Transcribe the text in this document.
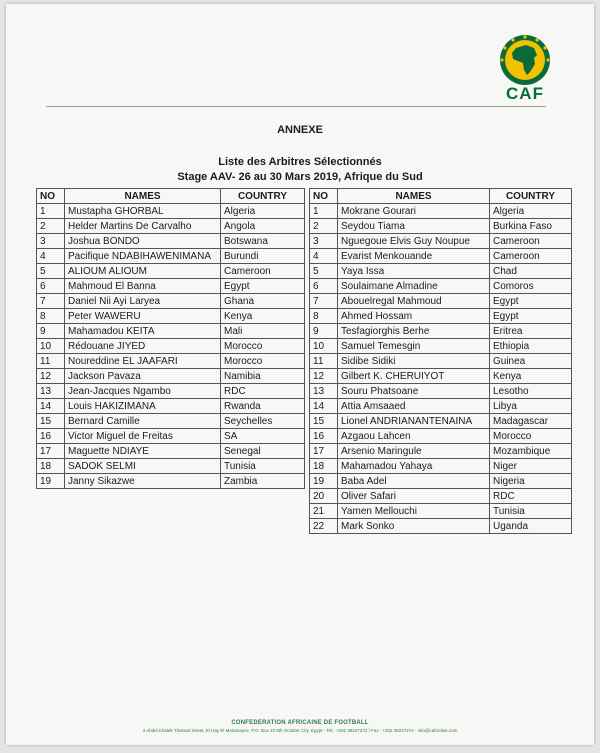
CAF
ANNEXE
Liste des Arbitres Sélectionnés
Stage AAV- 26 au 30 Mars 2019, Afrique du Sud
NO	NAMES	COUNTRY
1	Mustapha GHORBAL	Algeria
2	Helder Martins De Carvalho	Angola
3	Joshua BONDO	Botswana
4	Pacifique NDABIHAWENIMANA	Burundi
5	ALIOUM ALIOUM	Cameroon
6	Mahmoud El Banna	Egypt
7	Daniel Nii Ayi Laryea	Ghana
8	Peter WAWERU	Kenya
9	Mahamadou KEITA	Mali
10	Rédouane JIYED	Morocco
11	Noureddine EL JAAFARI	Morocco
12	Jackson Pavaza	Namibia
13	Jean-Jacques Ngambo	RDC
14	Louis HAKIZIMANA	Rwanda
15	Bernard Camille	Seychelles
16	Victor Miguel de Freitas	SA
17	Maguette NDIAYE	Senegal
18	SADOK SELMI	Tunisia
19	Janny Sikazwe	Zambia
NO	NAMES	COUNTRY
1	Mokrane Gourari	Algeria
2	Seydou Tiama	Burkina Faso
3	Nguegoue Elvis Guy Noupue	Cameroon
4	Evarist Menkouande	Cameroon
5	Yaya Issa	Chad
6	Soulaimane Almadine	Comoros
7	Abouelregal Mahmoud	Egypt
8	Ahmed Hossam	Egypt
9	Tesfagiorghis Berhe	Eritrea
10	Samuel Temesgin	Ethiopia
11	Sidibe Sidiki	Guinea
12	Gilbert K. CHERUIYOT	Kenya
13	Souru Phatsoane	Lesotho
14	Attia Amsaaed	Libya
15	Lionel ANDRIANANTENAINA	Madagascar
16	Azgaou Lahcen	Morocco
17	Arsenio Maringule	Mozambique
18	Mahamadou Yahaya	Niger
19	Baba Adel	Nigeria
20	Oliver Safari	RDC
21	Yamen Mellouchi	Tunisia
22	Mark Sonko	Uganda
CONFEDERATION AFRICAINE DE FOOTBALL
3 Abdel Khalek Tharwat Street, El Hay El Motamayez, P.O. Box 23 6th October City, Egypt - Tel.: +202 38247272 / Fax : +202 38247274 - info@cafonline.com
